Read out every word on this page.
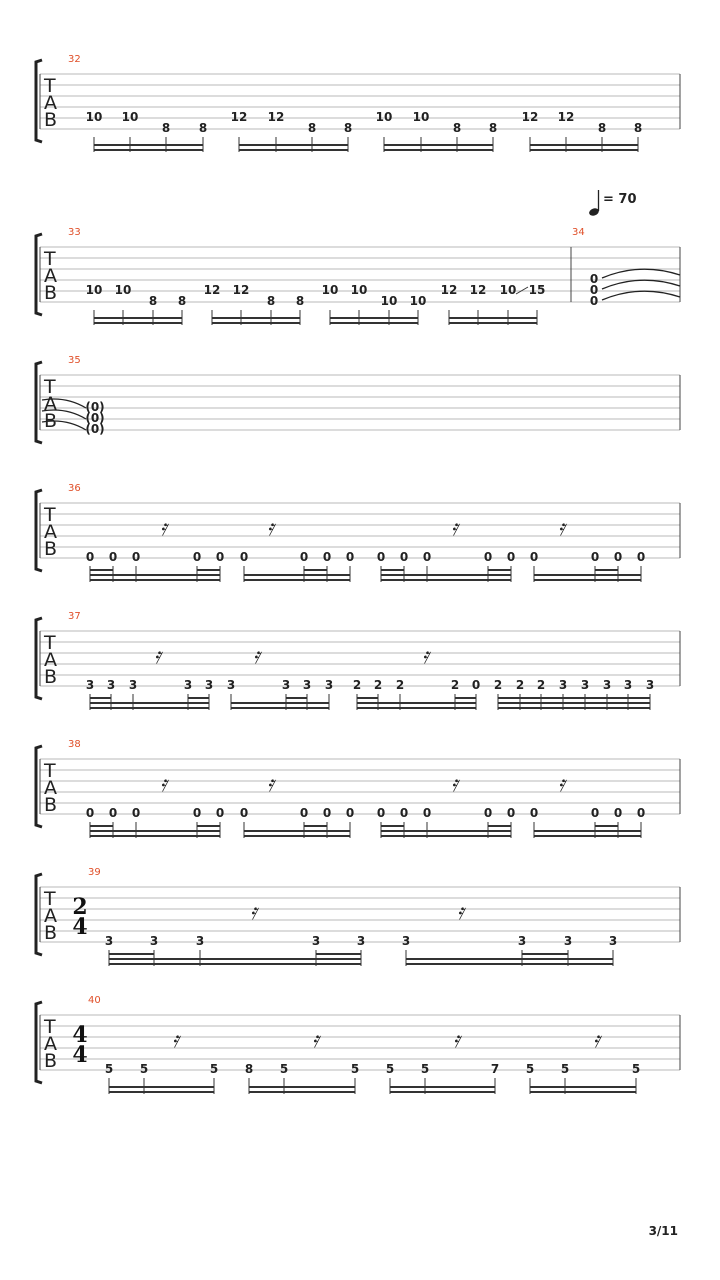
T
A
B
32
10 10
8 8
12 12
8 8
10 10
8 8
12 12
8 8
= 70
T
A
B
33	34
10 10
8 8
12 12
8 8
10 10
10 10
12 12 10 15
0
0
0
T
A
B
35
(0)
(0)
(0)
T
A
B
36
𝄿	𝄿	𝄿	𝄿
0 0 0	0 0 0	0 0 0 0 0 0	0 0 0	0 0 0
T
A
B
37
𝄿	𝄿	𝄿
3 3 3	3 3 3	3 3 3 2 2 2	2 0 2 2 2 3 3 3 3 3
T
A
B
38
𝄿	𝄿	𝄿	𝄿
0 0 0	0 0 0	0 0 0 0 0 0	0 0 0	0 0 0
T
A
B
39
2
4
𝄿	𝄿
3	3	3	3	3	3	3	3	3
T
A
B
40
4
4
𝄿	𝄿	𝄿	𝄿
5 5	5 8 5	5 5 5	7 5 5	5
3/11
